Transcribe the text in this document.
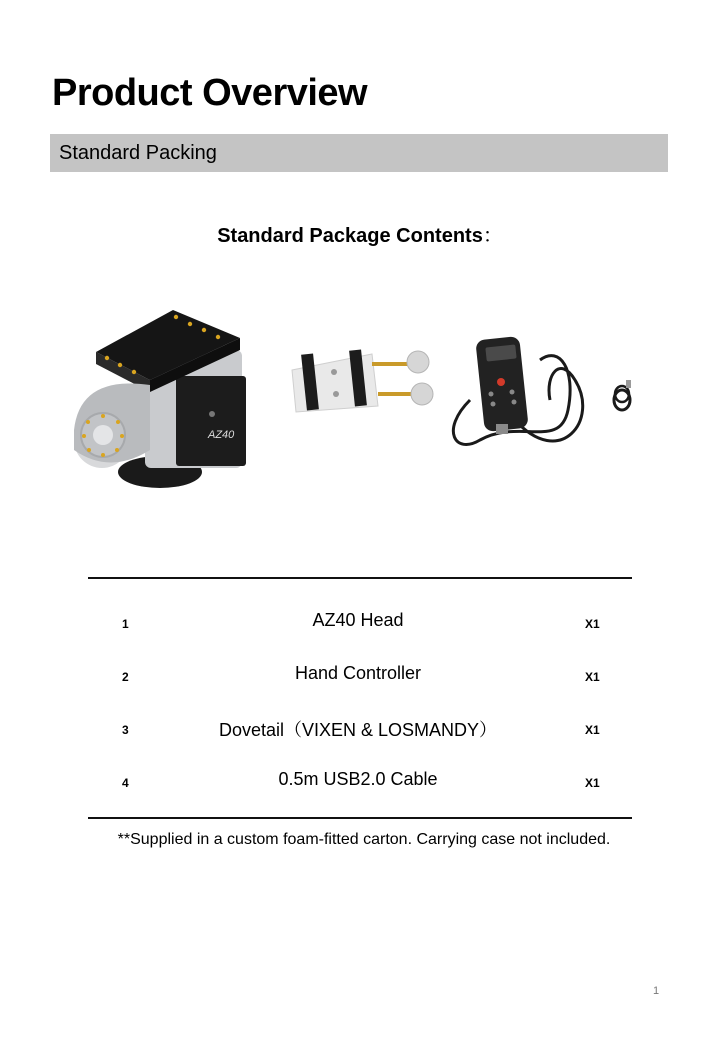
Product Overview
Standard Packing
Standard Package Contents：
AZ40
1	AZ40 Head	X1
2	Hand Controller	X1
3	Dovetail（VIXEN & LOSMANDY）	X1
4	0.5m USB2.0 Cable	X1
**Supplied in a custom foam-fitted carton. Carrying case not included.
1
